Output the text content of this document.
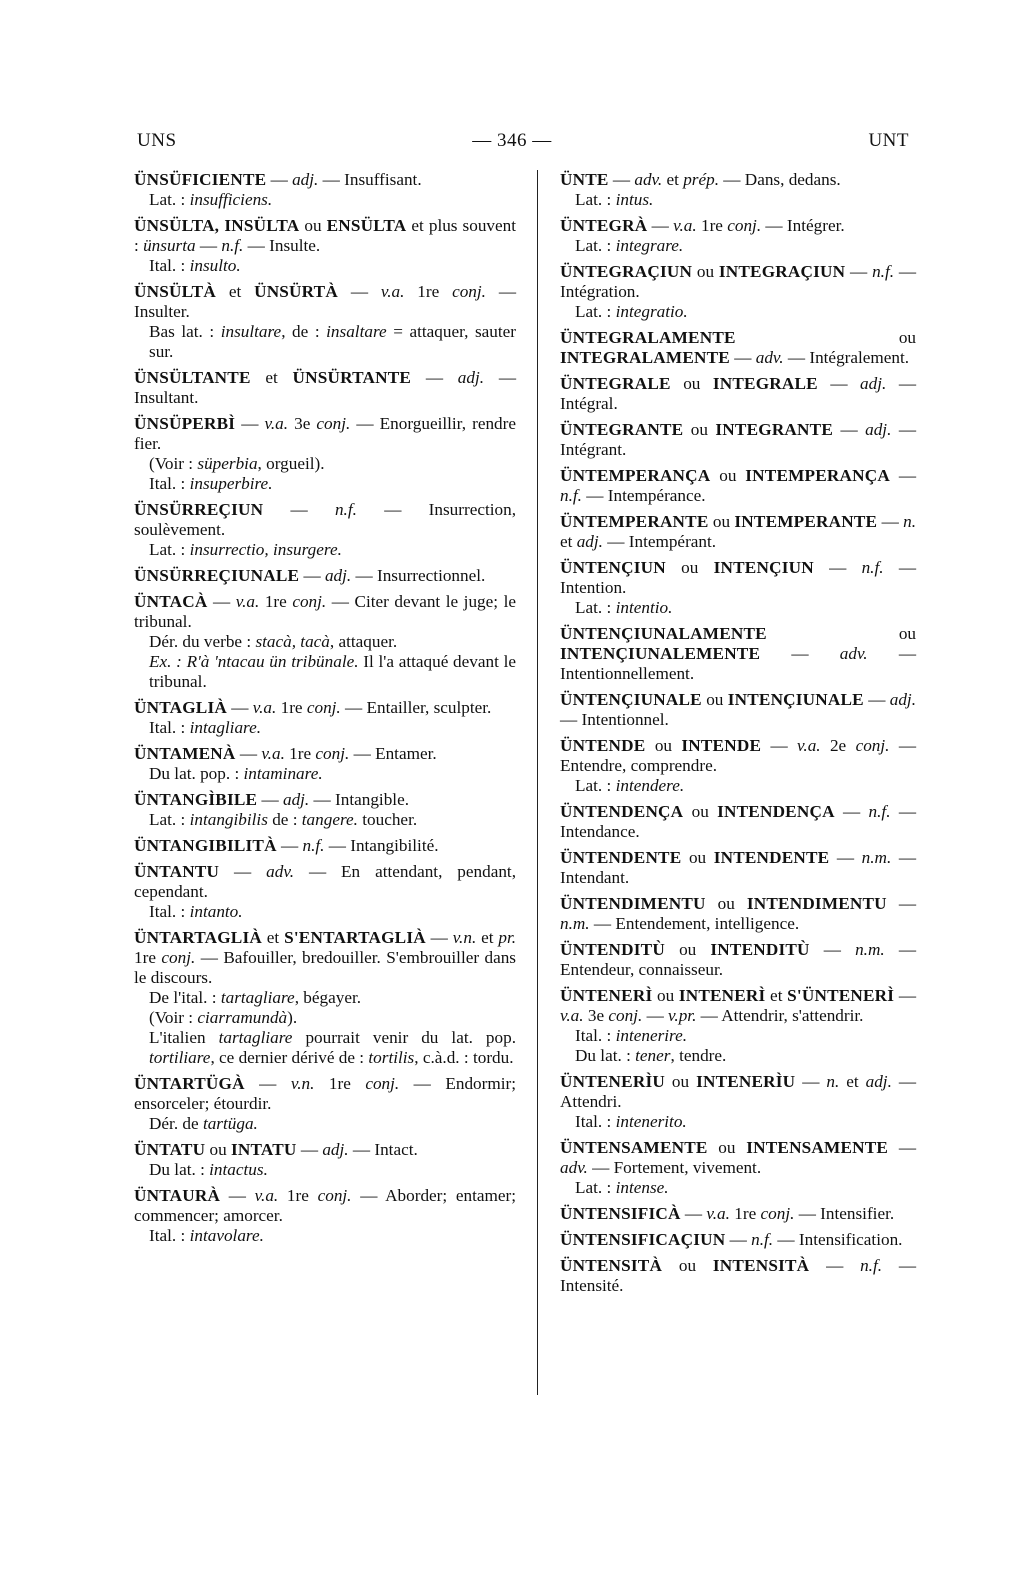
UNS	— 346 —	UNT

ÜNSÜFICIENTE — adj. — Insuffisant.

Lat. : insufficiens.

ÜNSÜLTA, INSÜLTA ou ENSÜLTA et plus souvent : ünsurta — n.f. — Insulte.

Ital. : insulto.

ÜNSÜLTÀ et ÜNSÜRTÀ — v.a. 1re conj. — Insulter.

Bas lat. : insultare, de : insaltare = attaquer, sauter sur.

ÜNSÜLTANTE et ÜNSÜRTANTE — adj. — Insultant.

ÜNSÜPERBÌ — v.a. 3e conj. — Enorgueillir, rendre fier.

(Voir : süperbia, orgueil).

Ital. : insuperbire.

ÜNSÜRREÇIUN — n.f. — Insurrection, soulèvement.

Lat. : insurrectio, insurgere.

ÜNSÜRREÇIUNALE — adj. — Insurrectionnel.

ÜNTACÀ — v.a. 1re conj. — Citer devant le juge; le tribunal.

Dér. du verbe : stacà, tacà, attaquer.

Ex. : R'à 'ntacau ün tribünale. Il l'a attaqué devant le tribunal.

ÜNTAGLIÀ — v.a. 1re conj. — Entailler, sculpter.

Ital. : intagliare.

ÜNTAMENÀ — v.a. 1re conj. — Entamer.

Du lat. pop. : intaminare.

ÜNTANGÌBILE — adj. — Intangible.

Lat. : intangibilis de : tangere. toucher.

ÜNTANGIBILITÀ — n.f. — Intangibilité.

ÜNTANTU — adv. — En attendant, pendant, cependant.

Ital. : intanto.

ÜNTARTAGLIÀ et S'ENTARTAGLIÀ — v.n. et pr. 1re conj. — Bafouiller, bredouiller. S'embrouiller dans le discours.

De l'ital. : tartagliare, bégayer.

(Voir : ciarramundà).

L'italien tartagliare pourrait venir du lat. pop. tortiliare, ce dernier dérivé de : tortilis, c.à.d. : tordu.

ÜNTARTÜGÀ — v.n. 1re conj. — Endormir; ensorceler; étourdir.

Dér. de tartüga.

ÜNTATU ou INTATU — adj. — Intact.

Du lat. : intactus.

ÜNTAURÀ — v.a. 1re conj. — Aborder; entamer; commencer; amorcer.

Ital. : intavolare.

ÜNTE — adv. et prép. — Dans, dedans.

Lat. : intus.

ÜNTEGRÀ — v.a. 1re conj. — Intégrer.

Lat. : integrare.

ÜNTEGRAÇIUN ou INTEGRAÇIUN — n.f. — Intégration.

Lat. : integratio.

ÜNTEGRALAMENTE ou INTEGRALAMENTE — adv. — Intégralement.

ÜNTEGRALE ou INTEGRALE — adj. — Intégral.

ÜNTEGRANTE ou INTEGRANTE — adj. — Intégrant.

ÜNTEMPERANÇA ou INTEMPERANÇA — n.f. — Intempérance.

ÜNTEMPERANTE ou INTEMPERANTE — n. et adj. — Intempérant.

ÜNTENÇIUN ou INTENÇIUN — n.f. — Intention.

Lat. : intentio.

ÜNTENÇIUNALAMENTE ou INTENÇIUNALEMENTE — adv. — Intentionnellement.

ÜNTENÇIUNALE ou INTENÇIUNALE — adj. — Intentionnel.

ÜNTENDE ou INTENDE — v.a. 2e conj. — Entendre, comprendre.

Lat. : intendere.

ÜNTENDENÇA ou INTENDENÇA — n.f. — Intendance.

ÜNTENDENTE ou INTENDENTE — n.m. — Intendant.

ÜNTENDIMENTU ou INTENDIMENTU — n.m. — Entendement, intelligence.

ÜNTENDITÙ ou INTENDITÙ — n.m. — Entendeur, connaisseur.

ÜNTENERÌ ou INTENERÌ et S'ÜNTENERÌ — v.a. 3e conj. — v.pr. — Attendrir, s'attendrir.

Ital. : intenerire.

Du lat. : tener, tendre.

ÜNTENERÌU ou INTENERÌU — n. et adj. — Attendri.

Ital. : intenerito.

ÜNTENSAMENTE ou INTENSAMENTE — adv. — Fortement, vivement.

Lat. : intense.

ÜNTENSIFICÀ — v.a. 1re conj. — Intensifier.

ÜNTENSIFICAÇIUN — n.f. — Intensification.

ÜNTENSITÀ ou INTENSITÀ — n.f. — Intensité.
